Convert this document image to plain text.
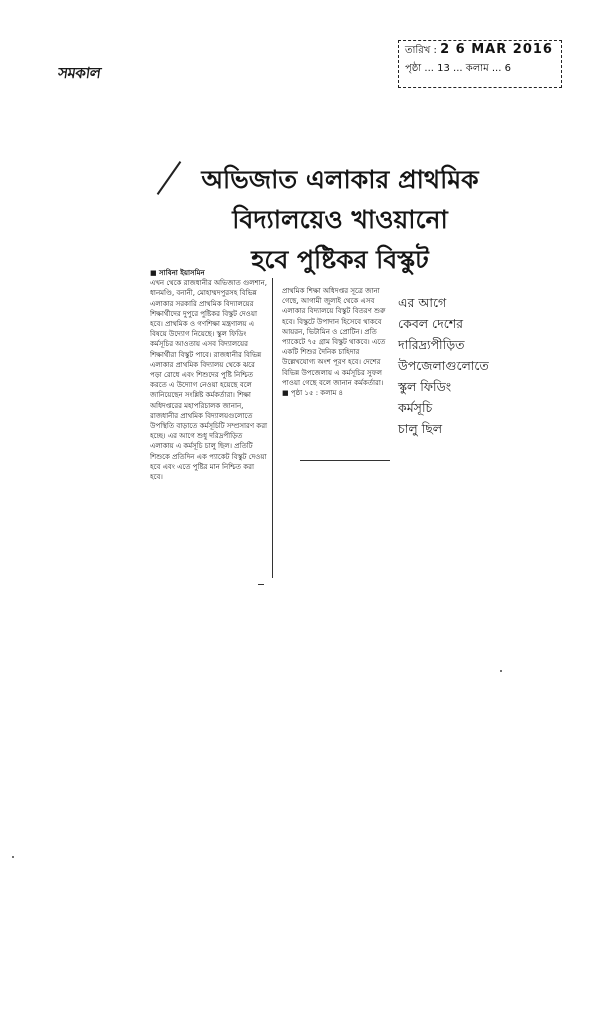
সমকাল
তারিখ : 2 6 MAR 2016
পৃষ্ঠা ... 13 ... কলাম ... 6
অভিজাত এলাকার প্রাথমিক
বিদ্যালয়েও খাওয়ানো
হবে পুষ্টিকর বিস্কুট
■ সাবিনা ইয়াসমিন
এখন থেকে রাজধানীর অভিজাত গুলশান, ধানমণ্ডি, বনানী, মোহাম্মদপুরসহ বিভিন্ন এলাকার সরকারি প্রাথমিক বিদ্যালয়ের শিক্ষার্থীদের দুপুরে পুষ্টিকর বিস্কুট দেওয়া হবে। প্রাথমিক ও গণশিক্ষা মন্ত্রণালয় এ বিষয়ে উদ্যোগ নিয়েছে। স্কুল ফিডিং কর্মসূচির আওতায় এসব বিদ্যালয়ের শিক্ষার্থীরা বিস্কুট পাবে। রাজধানীর বিভিন্ন এলাকার প্রাথমিক বিদ্যালয় থেকে ঝরে পড়া রোধে এবং শিশুদের পুষ্টি নিশ্চিত করতে এ উদ্যোগ নেওয়া হয়েছে বলে জানিয়েছেন সংশ্লিষ্ট কর্মকর্তারা। শিক্ষা অধিদপ্তরের মহাপরিচালক জানান, রাজধানীর প্রাথমিক বিদ্যালয়গুলোতে উপস্থিতি বাড়াতে কর্মসূচিটি সম্প্রসারণ করা হচ্ছে। এর আগে শুধু দরিদ্রপীড়িত এলাকায় এ কর্মসূচি চালু ছিল। প্রতিটি শিশুকে প্রতিদিন এক প্যাকেট বিস্কুট দেওয়া হবে এবং এতে পুষ্টির মান নিশ্চিত করা হবে।
প্রাথমিক শিক্ষা অধিদপ্তর সূত্রে জানা গেছে, আগামী জুলাই থেকে এসব এলাকার বিদ্যালয়ে বিস্কুট বিতরণ শুরু হবে। বিস্কুটে উপাদান হিসেবে থাকবে আয়রন, ভিটামিন ও প্রোটিন। প্রতি প্যাকেটে ৭৫ গ্রাম বিস্কুট থাকবে। এতে একটি শিশুর দৈনিক চাহিদার উল্লেখযোগ্য অংশ পূরণ হবে। দেশের বিভিন্ন উপজেলায় এ কর্মসূচির সুফল পাওয়া গেছে বলে জানান কর্মকর্তারা। ■ পৃষ্ঠা ১৫ : কলাম ৪
এর আগে
কেবল দেশের
দারিদ্র্যপীড়িত
উপজেলাগুলোতে
স্কুল ফিডিং
কর্মসূচি
চালু ছিল
